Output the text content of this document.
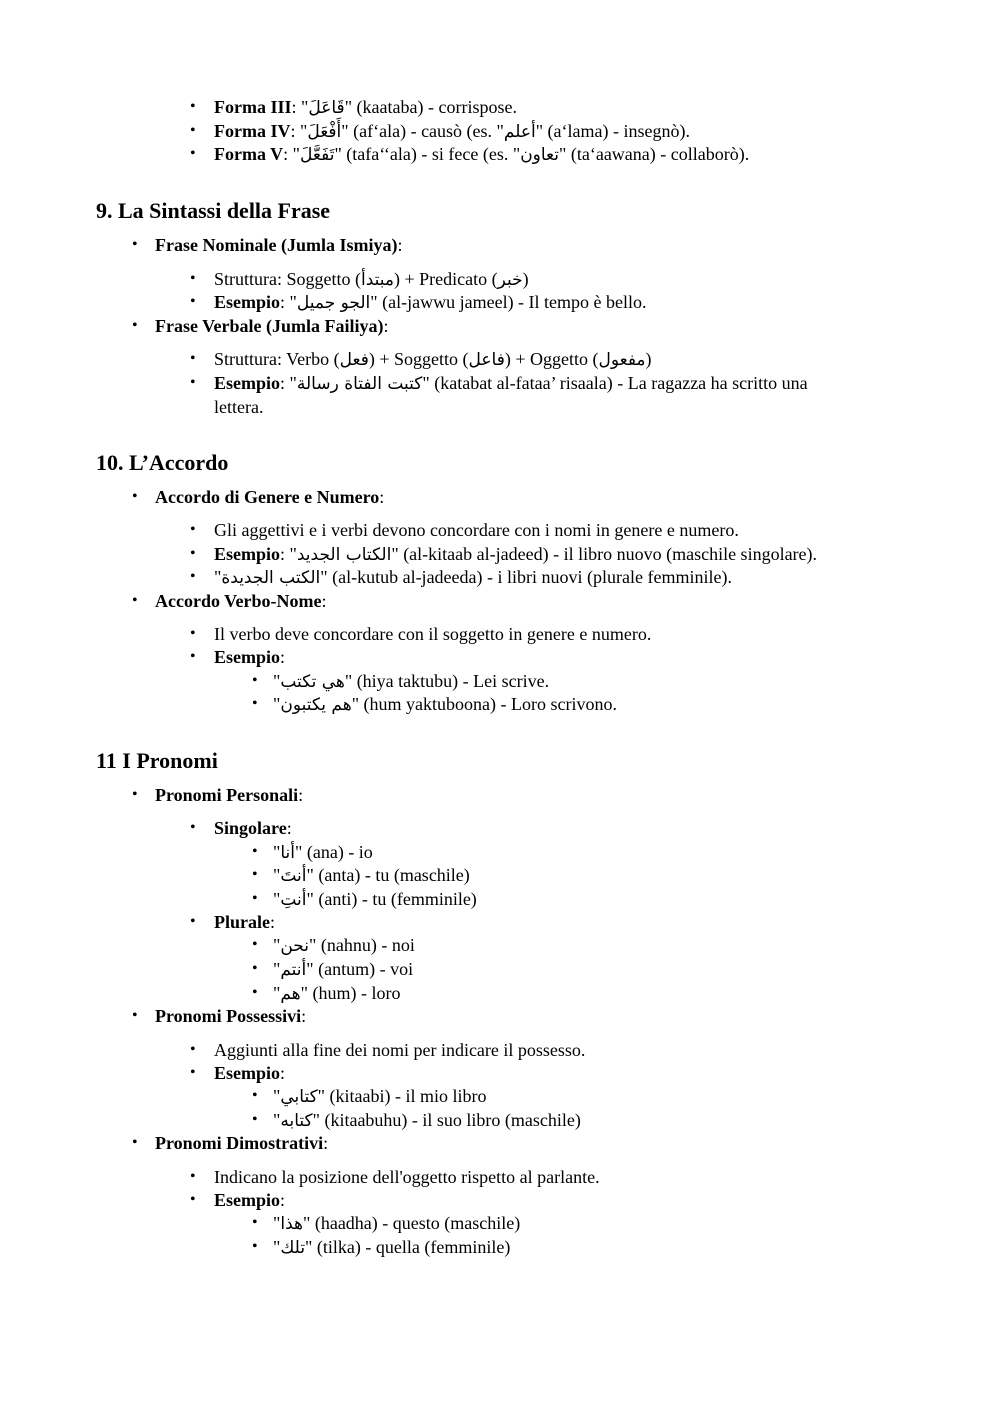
• Forma III: "قَاعَلَ" (kaataba) - corrispose.
• Forma IV: "أَفْعَلَ" (af‘ala) - causò (es. "أعلم" (a‘lama) - insegnò).
• Forma V: "تَفَعَّلَ" (tafa‘‘ala) - si fece (es. "تعاون" (ta‘aawana) - collaborò).
9. La Sintassi della Frase
• Frase Nominale (Jumla Ismiya):
• Struttura: Soggetto (مبتدأ) + Predicato (خبر)
• Esempio: "الجو جميل" (al-jawwu jameel) - Il tempo è bello.
• Frase Verbale (Jumla Failiya):
• Struttura: Verbo (فعل) + Soggetto (فاعل) + Oggetto (مفعول)
• Esempio: "كتبت الفتاة رسالة" (katabat al-fataa’ risaala) - La ragazza ha scritto una
lettera.
10. L’Accordo
• Accordo di Genere e Numero:
• Gli aggettivi e i verbi devono concordare con i nomi in genere e numero.
• Esempio: "الكتاب الجديد" (al-kitaab al-jadeed) - il libro nuovo (maschile singolare).
• "الكتب الجديدة" (al-kutub al-jadeeda) - i libri nuovi (plurale femminile).
• Accordo Verbo-Nome:
• Il verbo deve concordare con il soggetto in genere e numero.
• Esempio:
• "هي تكتب" (hiya taktubu) - Lei scrive.
• "هم يكتبون" (hum yaktuboona) - Loro scrivono.
11 I Pronomi
• Pronomi Personali:
• Singolare:
• "أنا" (ana) - io
• "أنتَ" (anta) - tu (maschile)
• "أنتِ" (anti) - tu (femminile)
• Plurale:
• "نحن" (nahnu) - noi
• "أنتم" (antum) - voi
• "هم" (hum) - loro
• Pronomi Possessivi:
• Aggiunti alla fine dei nomi per indicare il possesso.
• Esempio:
• "كتابي" (kitaabi) - il mio libro
• "كتابه" (kitaabuhu) - il suo libro (maschile)
• Pronomi Dimostrativi:
• Indicano la posizione dell'oggetto rispetto al parlante.
• Esempio:
• "هذا" (haadha) - questo (maschile)
• "تلك" (tilka) - quella (femminile)
